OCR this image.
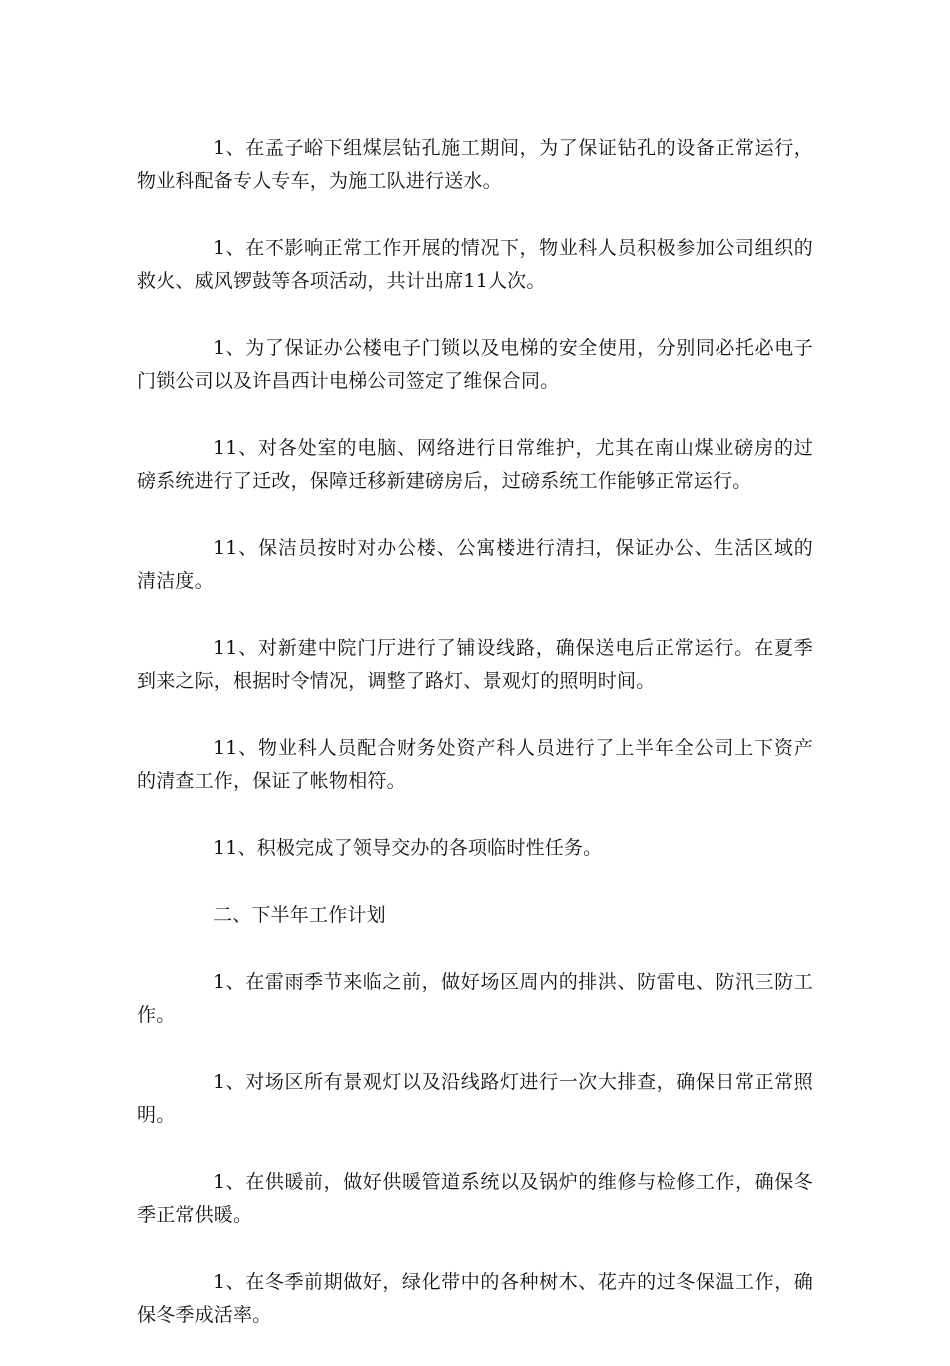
1、在孟子峪下组煤层钻孔施工期间，为了保证钻孔的设备正常运行，物业科配备专人专车，为施工队进行送水。

1、在不影响正常工作开展的情况下，物业科人员积极参加公司组织的救火、威风锣鼓等各项活动，共计出席11人次。

1、为了保证办公楼电子门锁以及电梯的安全使用，分别同必托必电子门锁公司以及许昌西计电梯公司签定了维保合同。

11、对各处室的电脑、网络进行日常维护，尤其在南山煤业磅房的过磅系统进行了迁改，保障迁移新建磅房后，过磅系统工作能够正常运行。

11、保洁员按时对办公楼、公寓楼进行清扫，保证办公、生活区域的清洁度。

11、对新建中院门厅进行了铺设线路，确保送电后正常运行。在夏季到来之际，根据时令情况，调整了路灯、景观灯的照明时间。

11、物业科人员配合财务处资产科人员进行了上半年全公司上下资产的清查工作，保证了帐物相符。

11、积极完成了领导交办的各项临时性任务。

二、下半年工作计划

1、在雷雨季节来临之前，做好场区周内的排洪、防雷电、防汛三防工作。

1、对场区所有景观灯以及沿线路灯进行一次大排查，确保日常正常照明。

1、在供暖前，做好供暖管道系统以及锅炉的维修与检修工作，确保冬季正常供暖。

1、在冬季前期做好，绿化带中的各种树木、花卉的过冬保温工作，确保冬季成活率。
